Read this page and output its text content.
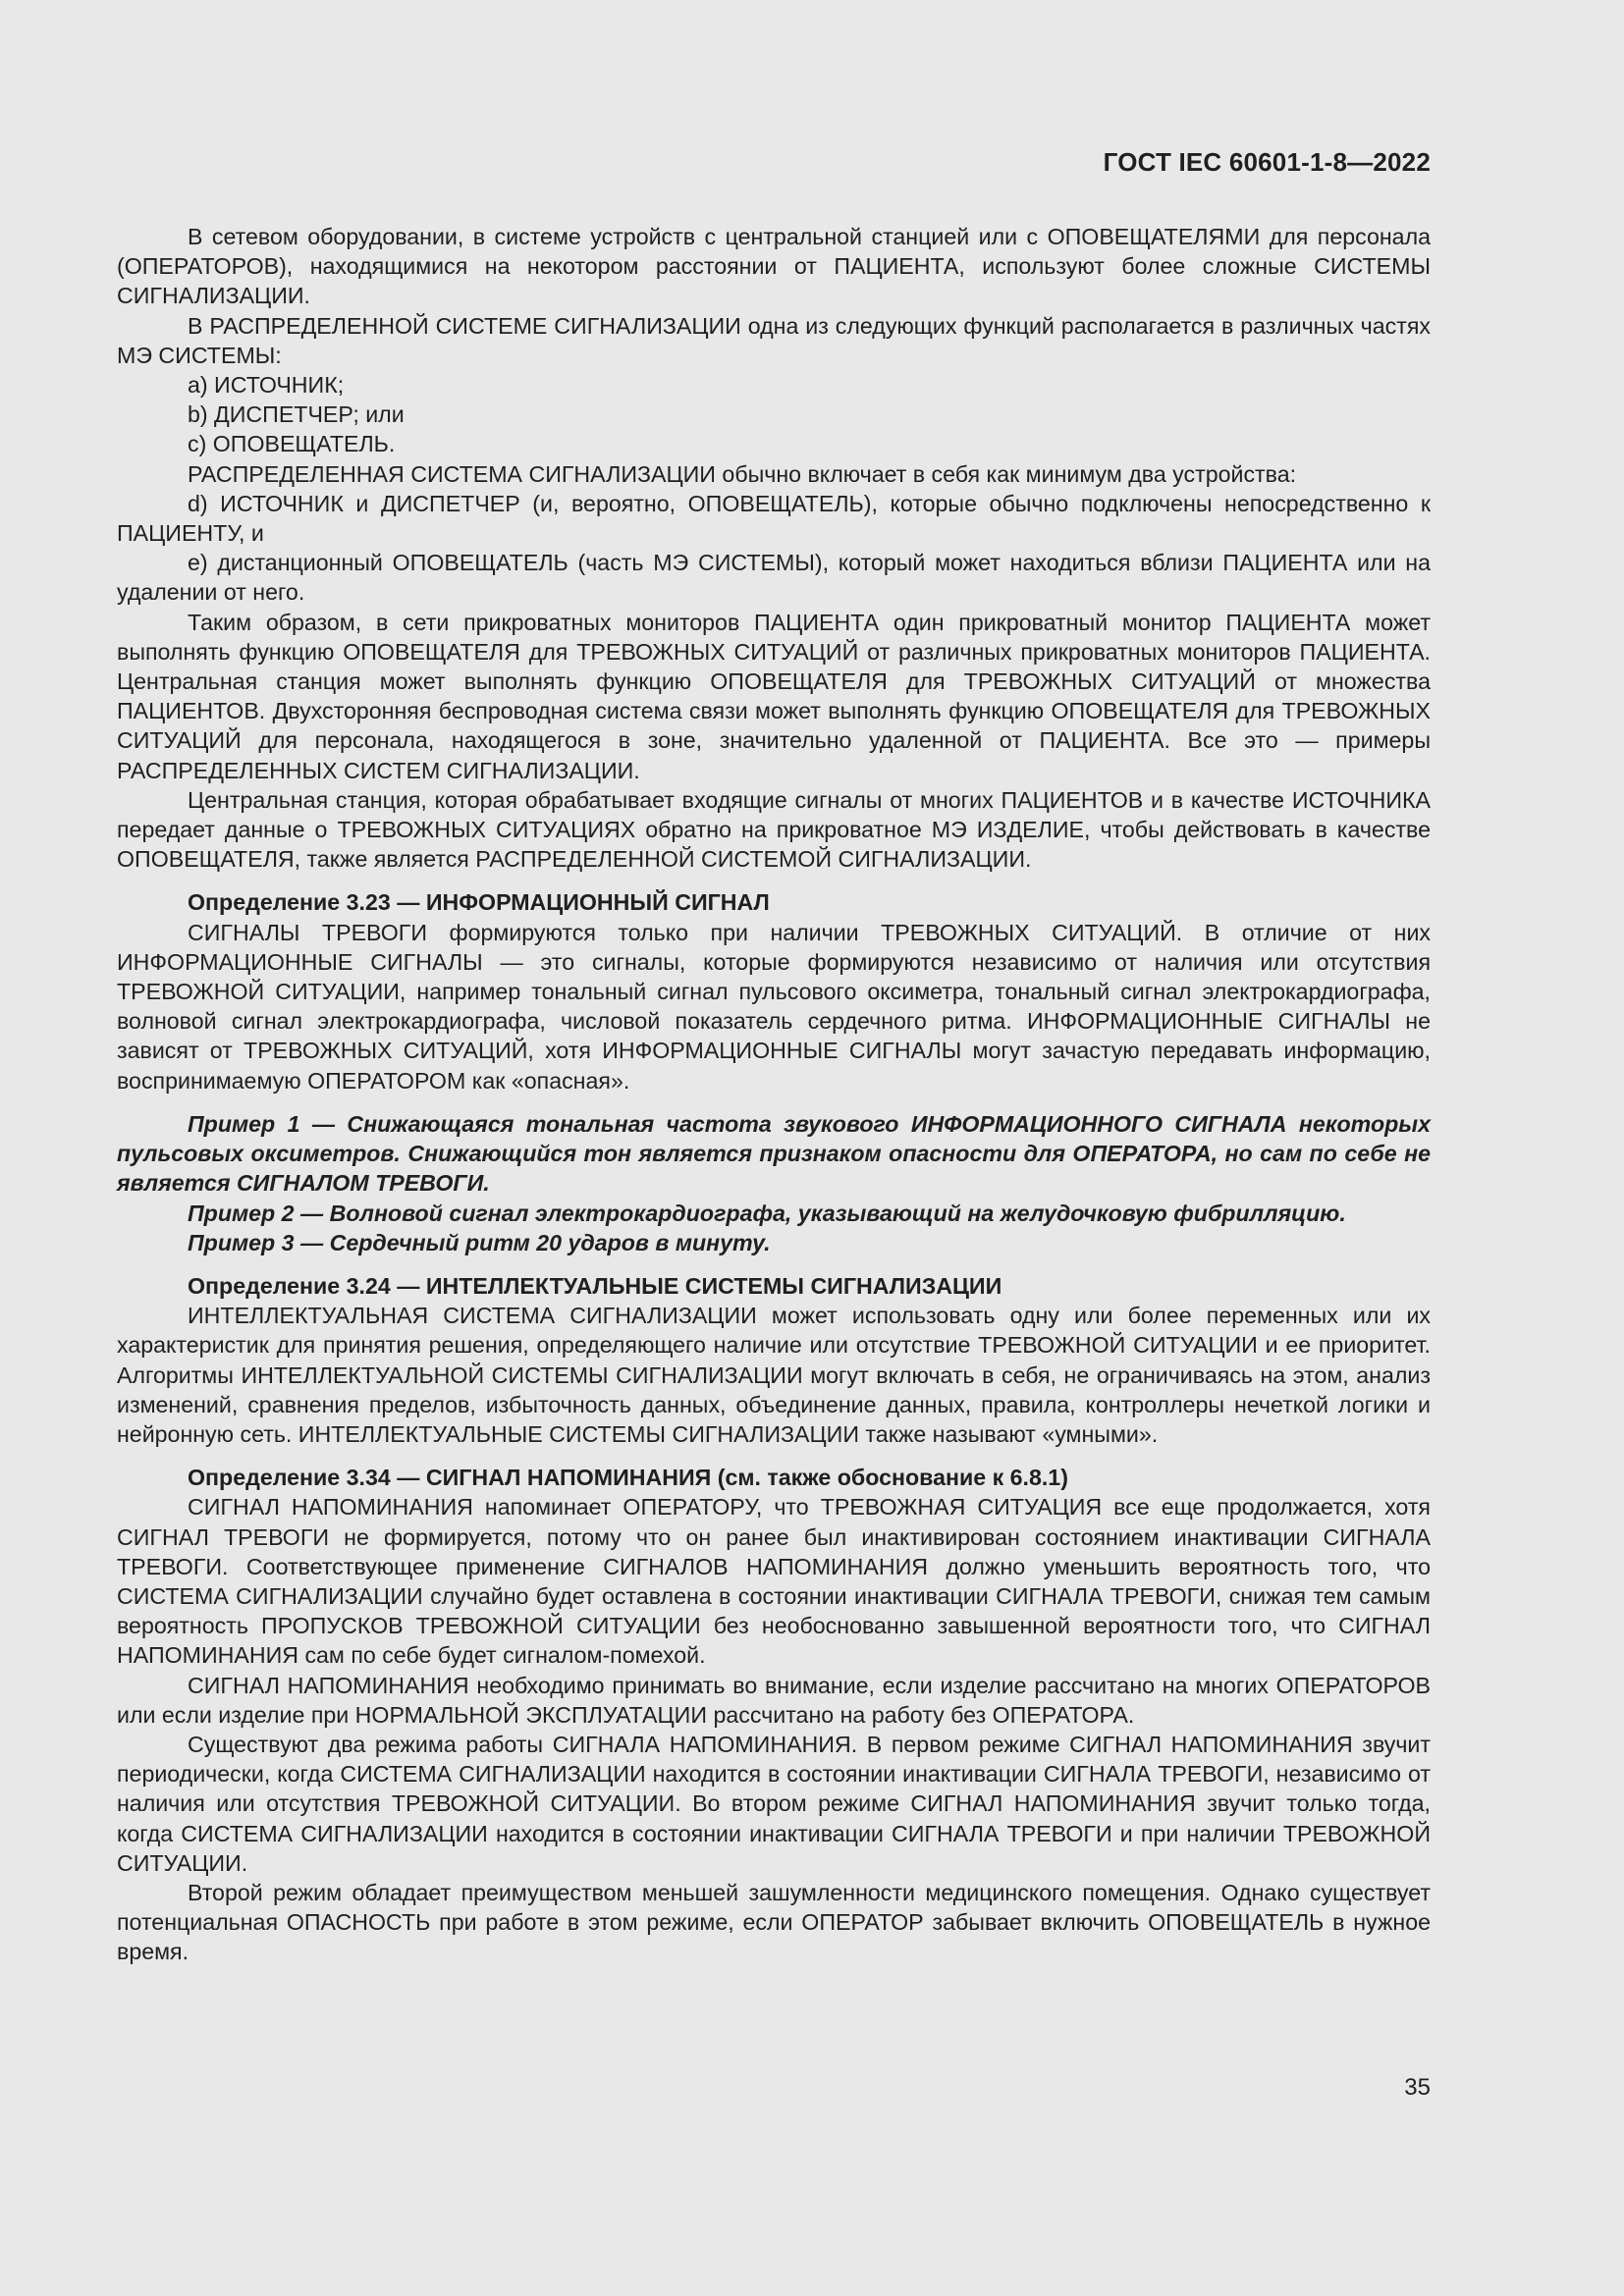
ГОСТ IEC 60601-1-8—2022

В сетевом оборудовании, в системе устройств с центральной станцией или с ОПОВЕЩАТЕЛЯМИ для персонала (ОПЕРАТОРОВ), находящимися на некотором расстоянии от ПАЦИЕНТА, используют более сложные СИСТЕМЫ СИГНАЛИЗАЦИИ.

В РАСПРЕДЕЛЕННОЙ СИСТЕМЕ СИГНАЛИЗАЦИИ одна из следующих функций располагается в различных частях МЭ СИСТЕМЫ:

a) ИСТОЧНИК;

b) ДИСПЕТЧЕР; или

c) ОПОВЕЩАТЕЛЬ.

РАСПРЕДЕЛЕННАЯ СИСТЕМА СИГНАЛИЗАЦИИ обычно включает в себя как минимум два устройства:

d) ИСТОЧНИК и ДИСПЕТЧЕР (и, вероятно, ОПОВЕЩАТЕЛЬ), которые обычно подключены непосредственно к ПАЦИЕНТУ, и

e) дистанционный ОПОВЕЩАТЕЛЬ (часть МЭ СИСТЕМЫ), который может находиться вблизи ПАЦИЕНТА или на удалении от него.

Таким образом, в сети прикроватных мониторов ПАЦИЕНТА один прикроватный монитор ПАЦИЕНТА может выполнять функцию ОПОВЕЩАТЕЛЯ для ТРЕВОЖНЫХ СИТУАЦИЙ от различных прикроватных мониторов ПАЦИЕНТА. Центральная станция может выполнять функцию ОПОВЕЩАТЕЛЯ для ТРЕВОЖНЫХ СИТУАЦИЙ от множества ПАЦИЕНТОВ. Двухсторонняя беспроводная система связи может выполнять функцию ОПОВЕЩАТЕЛЯ для ТРЕВОЖНЫХ СИТУАЦИЙ для персонала, находящегося в зоне, значительно удаленной от ПАЦИЕНТА. Все это — примеры РАСПРЕДЕЛЕННЫХ СИСТЕМ СИГНАЛИЗАЦИИ.

Центральная станция, которая обрабатывает входящие сигналы от многих ПАЦИЕНТОВ и в качестве ИСТОЧНИКА передает данные о ТРЕВОЖНЫХ СИТУАЦИЯХ обратно на прикроватное МЭ ИЗДЕЛИЕ, чтобы действовать в качестве ОПОВЕЩАТЕЛЯ, также является РАСПРЕДЕЛЕННОЙ СИСТЕМОЙ СИГНАЛИЗАЦИИ.

Определение 3.23 — ИНФОРМАЦИОННЫЙ СИГНАЛ

СИГНАЛЫ ТРЕВОГИ формируются только при наличии ТРЕВОЖНЫХ СИТУАЦИЙ. В отличие от них ИНФОРМАЦИОННЫЕ СИГНАЛЫ — это сигналы, которые формируются независимо от наличия или отсутствия ТРЕВОЖНОЙ СИТУАЦИИ, например тональный сигнал пульсового оксиметра, тональный сигнал электрокардиографа, волновой сигнал электрокардиографа, числовой показатель сердечного ритма. ИНФОРМАЦИОННЫЕ СИГНАЛЫ не зависят от ТРЕВОЖНЫХ СИТУАЦИЙ, хотя ИНФОРМАЦИОННЫЕ СИГНАЛЫ могут зачастую передавать информацию, воспринимаемую ОПЕРАТОРОМ как «опасная».

Пример 1 — Снижающаяся тональная частота звукового ИНФОРМАЦИОННОГО СИГНАЛА некоторых пульсовых оксиметров. Снижающийся тон является признаком опасности для ОПЕРАТОРА, но сам по себе не является СИГНАЛОМ ТРЕВОГИ.

Пример 2 — Волновой сигнал электрокардиографа, указывающий на желудочковую фибрилляцию.

Пример 3 — Сердечный ритм 20 ударов в минуту.

Определение 3.24 — ИНТЕЛЛЕКТУАЛЬНЫЕ СИСТЕМЫ СИГНАЛИЗАЦИИ

ИНТЕЛЛЕКТУАЛЬНАЯ СИСТЕМА СИГНАЛИЗАЦИИ может использовать одну или более переменных или их характеристик для принятия решения, определяющего наличие или отсутствие ТРЕВОЖНОЙ СИТУАЦИИ и ее приоритет. Алгоритмы ИНТЕЛЛЕКТУАЛЬНОЙ СИСТЕМЫ СИГНАЛИЗАЦИИ могут включать в себя, не ограничиваясь на этом, анализ изменений, сравнения пределов, избыточность данных, объединение данных, правила, контроллеры нечеткой логики и нейронную сеть. ИНТЕЛЛЕКТУАЛЬНЫЕ СИСТЕМЫ СИГНАЛИЗАЦИИ также называют «умными».

Определение 3.34 — СИГНАЛ НАПОМИНАНИЯ (см. также обоснование к 6.8.1)

СИГНАЛ НАПОМИНАНИЯ напоминает ОПЕРАТОРУ, что ТРЕВОЖНАЯ СИТУАЦИЯ все еще продолжается, хотя СИГНАЛ ТРЕВОГИ не формируется, потому что он ранее был инактивирован состоянием инактивации СИГНАЛА ТРЕВОГИ. Соответствующее применение СИГНАЛОВ НАПОМИНАНИЯ должно уменьшить вероятность того, что СИСТЕМА СИГНАЛИЗАЦИИ случайно будет оставлена в состоянии инактивации СИГНАЛА ТРЕВОГИ, снижая тем самым вероятность ПРОПУСКОВ ТРЕВОЖНОЙ СИТУАЦИИ без необоснованно завышенной вероятности того, что СИГНАЛ НАПОМИНАНИЯ сам по себе будет сигналом-помехой.

СИГНАЛ НАПОМИНАНИЯ необходимо принимать во внимание, если изделие рассчитано на многих ОПЕРАТОРОВ или если изделие при НОРМАЛЬНОЙ ЭКСПЛУАТАЦИИ рассчитано на работу без ОПЕРАТОРА.

Существуют два режима работы СИГНАЛА НАПОМИНАНИЯ. В первом режиме СИГНАЛ НАПОМИНАНИЯ звучит периодически, когда СИСТЕМА СИГНАЛИЗАЦИИ находится в состоянии инактивации СИГНАЛА ТРЕВОГИ, независимо от наличия или отсутствия ТРЕВОЖНОЙ СИТУАЦИИ. Во втором режиме СИГНАЛ НАПОМИНАНИЯ звучит только тогда, когда СИСТЕМА СИГНАЛИЗАЦИИ находится в состоянии инактивации СИГНАЛА ТРЕВОГИ и при наличии ТРЕВОЖНОЙ СИТУАЦИИ.

Второй режим обладает преимуществом меньшей зашумленности медицинского помещения. Однако существует потенциальная ОПАСНОСТЬ при работе в этом режиме, если ОПЕРАТОР забывает включить ОПОВЕЩАТЕЛЬ в нужное время.

35
